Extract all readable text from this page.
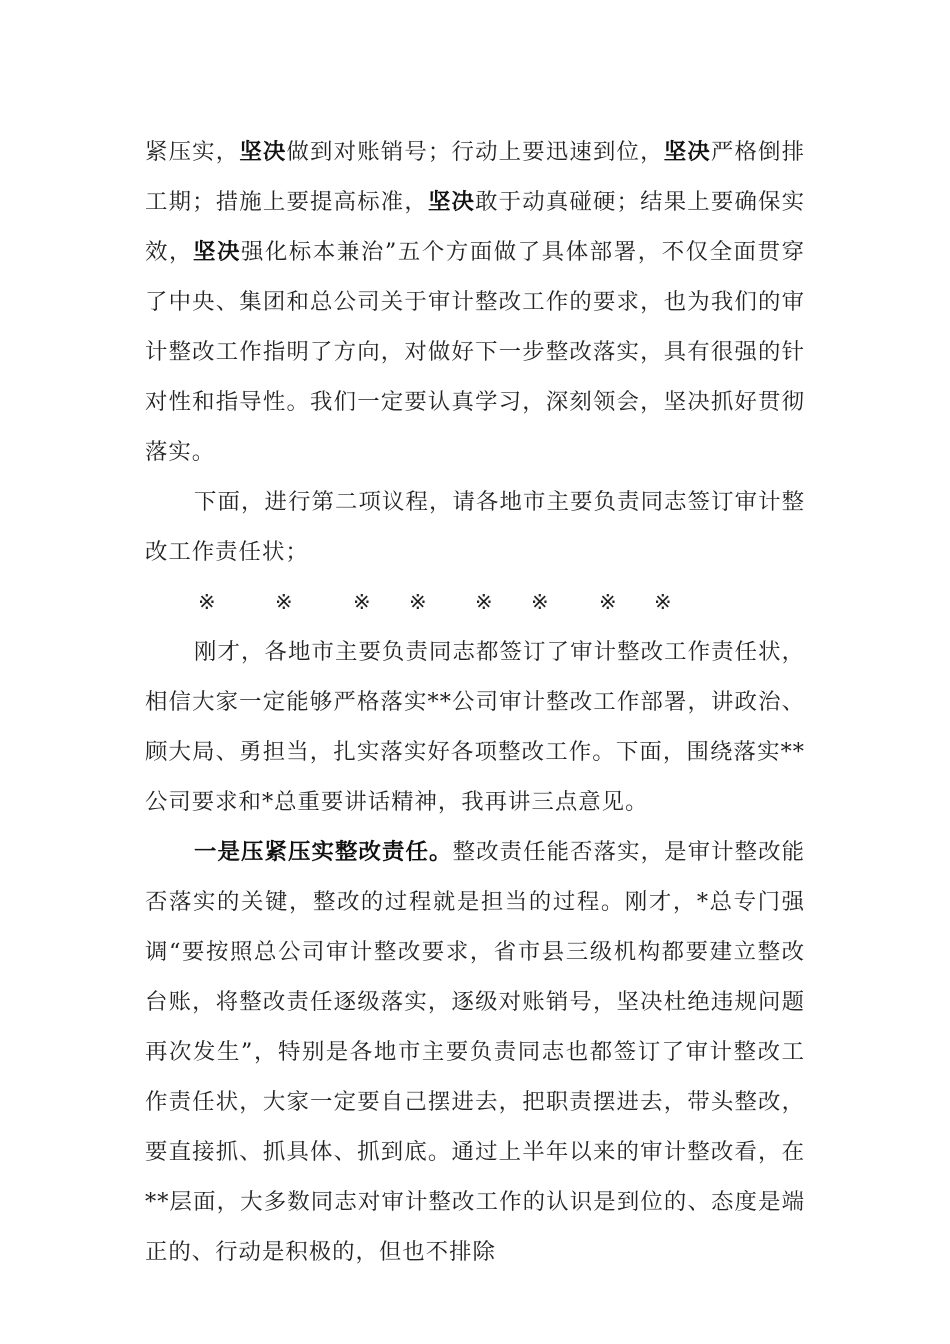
紧压实，坚决做到对账销号；行动上要迅速到位，坚决严格倒排工期；措施上要提高标准，坚决敢于动真碰硬；结果上要确保实效，坚决强化标本兼治”五个方面做了具体部署，不仅全面贯穿了中央、集团和总公司关于审计整改工作的要求，也为我们的审计整改工作指明了方向，对做好下一步整改落实，具有很强的针对性和指导性。我们一定要认真学习，深刻领会，坚决抓好贯彻落实。

下面，进行第二项议程，请各地市主要负责同志签订审计整改工作责任状；

※	※	※ ※ ※ ※ ※ ※

刚才，各地市主要负责同志都签订了审计整改工作责任状，相信大家一定能够严格落实**公司审计整改工作部署，讲政治、顾大局、勇担当，扎实落实好各项整改工作。下面，围绕落实**公司要求和*总重要讲话精神，我再讲三点意见。

一是压紧压实整改责任。整改责任能否落实，是审计整改能否落实的关键，整改的过程就是担当的过程。刚才，*总专门强调“要按照总公司审计整改要求，省市县三级机构都要建立整改台账，将整改责任逐级落实，逐级对账销号，坚决杜绝违规问题再次发生”，特别是各地市主要负责同志也都签订了审计整改工作责任状，大家一定要自己摆进去，把职责摆进去，带头整改，要直接抓、抓具体、抓到底。通过上半年以来的审计整改看，在**层面，大多数同志对审计整改工作的认识是到位的、态度是端正的、行动是积极的，但也不排除
